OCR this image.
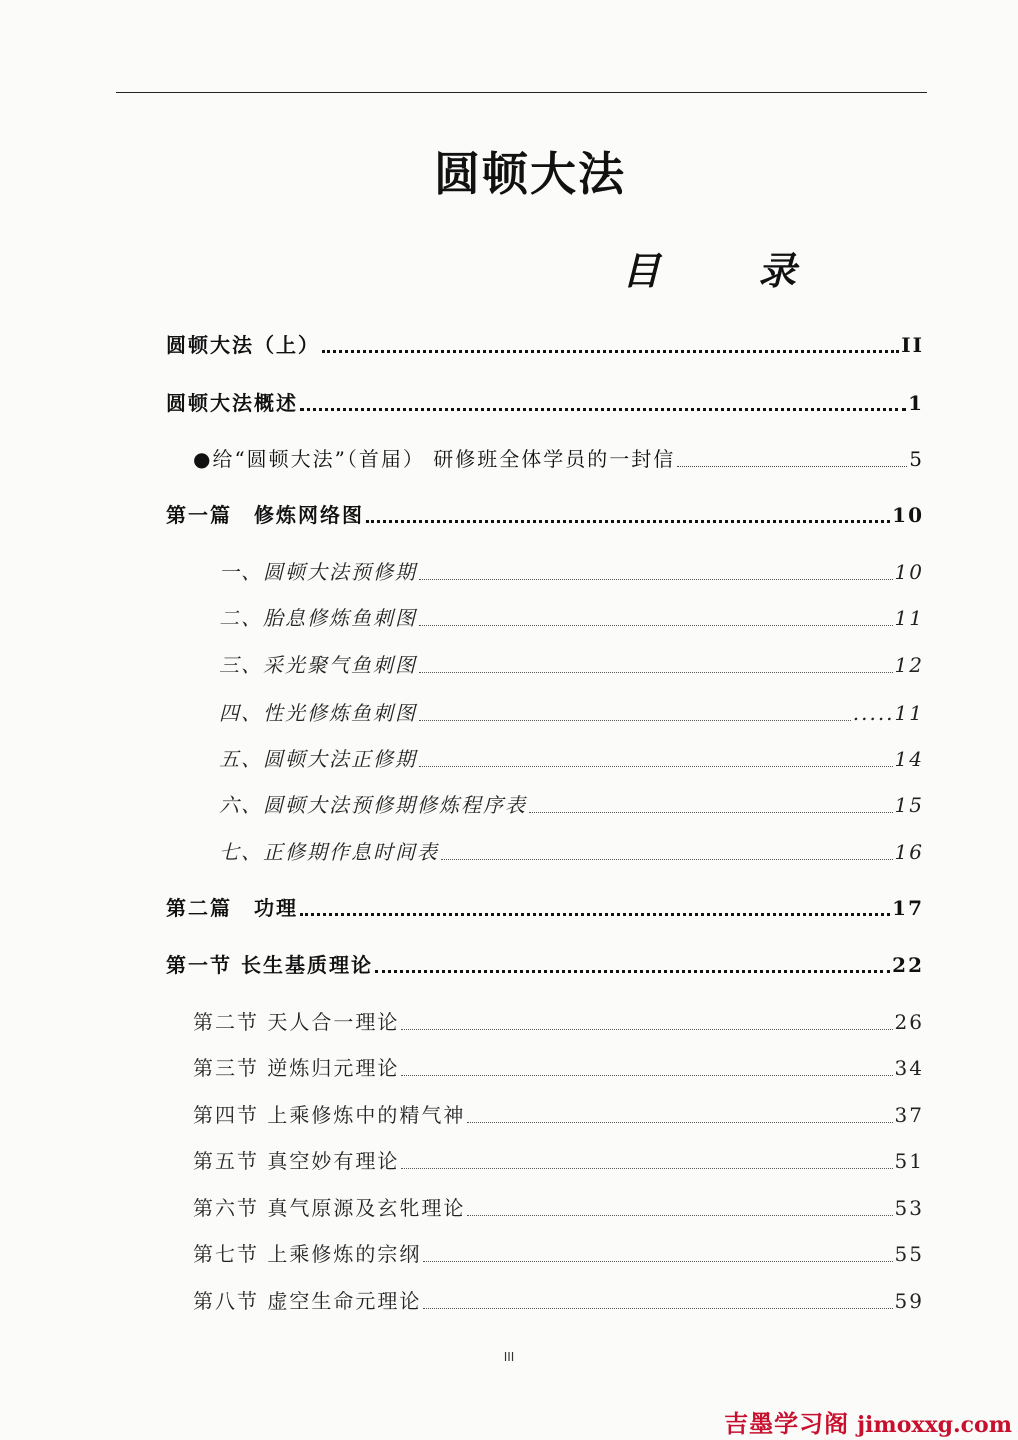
圆顿大法
目	录
圆顿大法（上）	II
圆顿大法概述	1
●给“圆顿大法”（首届） 研修班全体学员的一封信	5
第一篇　修炼网络图	10
一、圆顿大法预修期	10
二、胎息修炼鱼刺图	11
三、采光聚气鱼刺图	12
四、性光修炼鱼刺图	.....11
五、圆顿大法正修期	14
六、圆顿大法预修期修炼程序表	15
七、正修期作息时间表	16
第二篇　功理	17
第一节 长生基质理论	22
第二节 天人合一理论	26
第三节 逆炼归元理论	34
第四节 上乘修炼中的精气神	37
第五节 真空妙有理论	51
第六节 真气原源及玄牝理论	53
第七节 上乘修炼的宗纲	55
第八节 虚空生命元理论	59
III
吉墨学习阁 jimoxxg.com
